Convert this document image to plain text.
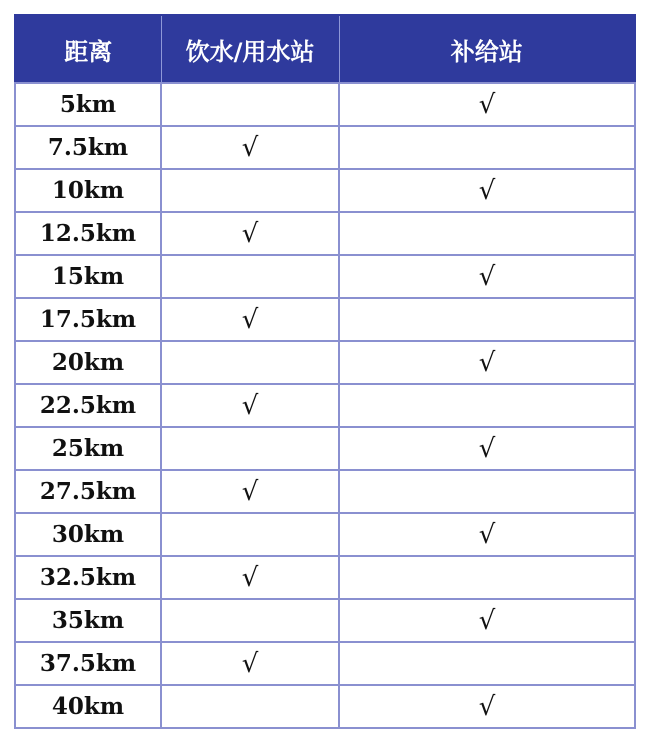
距离	饮水/用水站	补给站
5km		√
7.5km	√	
10km		√
12.5km	√	
15km		√
17.5km	√	
20km		√
22.5km	√	
25km		√
27.5km	√	
30km		√
32.5km	√	
35km		√
37.5km	√	
40km		√
